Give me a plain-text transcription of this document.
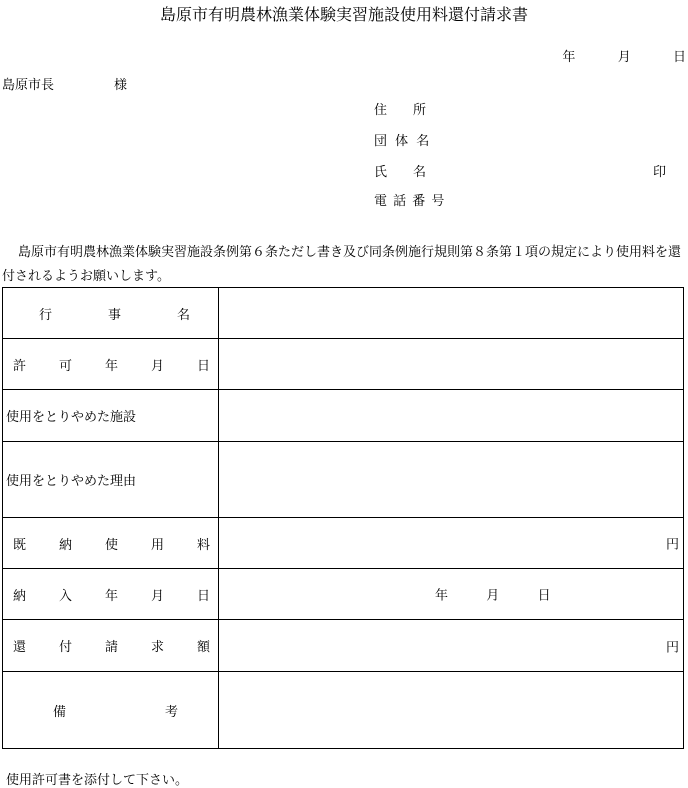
島原市有明農林漁業体験実習施設使用料還付請求書
年	月	日
島原市長	様
住　　所
団 体 名
氏　　名	印
電 話 番 号
島原市有明農林漁業体験実習施設条例第６条ただし書き及び同条例施行規則第８条第１項の規定により使用料を還付されるようお願いします。
行 事 名	
許可年月日	
使用をとりやめた施設	
使用をとりやめた理由	
既納使用料	円

納入年月日	年 月 日

還付請求額	円

備 考	
使用許可書を添付して下さい。
